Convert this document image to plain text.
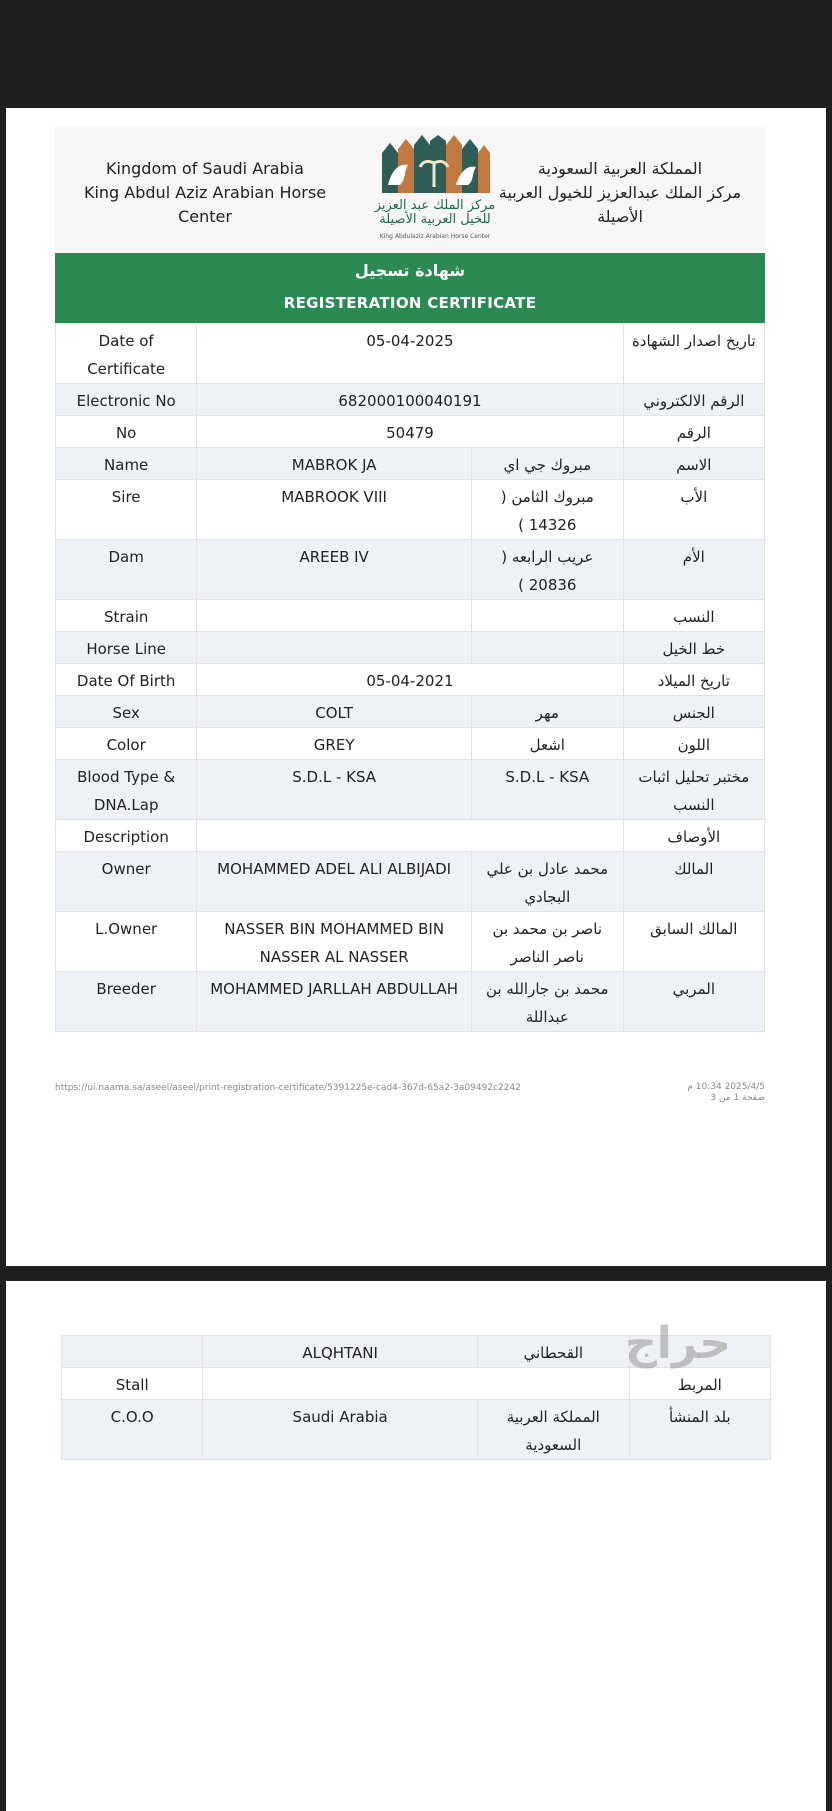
	ALQHTANI	القحطاني	
Stall			المربط
C.O.O	Saudi Arabia	المملكة العربية السعودية	بلد المنشأ
Kingdom of Saudi Arabia
King Abdul Aziz Arabian Horse Center
مركز الملك عبد العزيز
للخيل العربية الأصيلة
King Abdulaziz Arabian Horse Center
المملكة العربية السعودية
مركز الملك عبدالعزيز للخيول العربية الأصيلة
شهادة تسجيل
REGISTERATION CERTIFICATE
Date of Certificate	05-04-2025		تاريخ اصدار الشهادة
Electronic No	682000100040191		الرقم الالكتروني
No	50479		الرقم
Name	MABROK JA	مبروك جي اي	الاسم
Sire	MABROOK VIII	مبروك الثامن ( 14326 )	الأب
Dam	AREEB IV	عريب الرابعه ( 20836 )	الأم
Strain			النسب
Horse Line			خط الخيل
Date Of Birth	05-04-2021		تاريخ الميلاد
Sex	COLT	مهر	الجنس
Color	GREY	اشعل	اللون
Blood Type & DNA.Lap	S.D.L - KSA	S.D.L - KSA	مختبر تحليل اثبات النسب
Description			الأوصاف
Owner	MOHAMMED ADEL ALI ALBIJADI	محمد عادل بن علي البجادي	المالك
L.Owner	NASSER BIN MOHAMMED BIN NASSER AL NASSER	ناصر بن محمد بن ناصر الناصر	المالك السابق
Breeder	MOHAMMED JARLLAH ABDULLAH	محمد بن جارالله بن عبداللة	المربي
https://ui.naama.sa/aseel/aseel/print-registration-certificate/5391225e-cad4-367d-65a2-3a09492c2242	2025/4/5 10:34 م
صفحة 1 من 3
حراج
